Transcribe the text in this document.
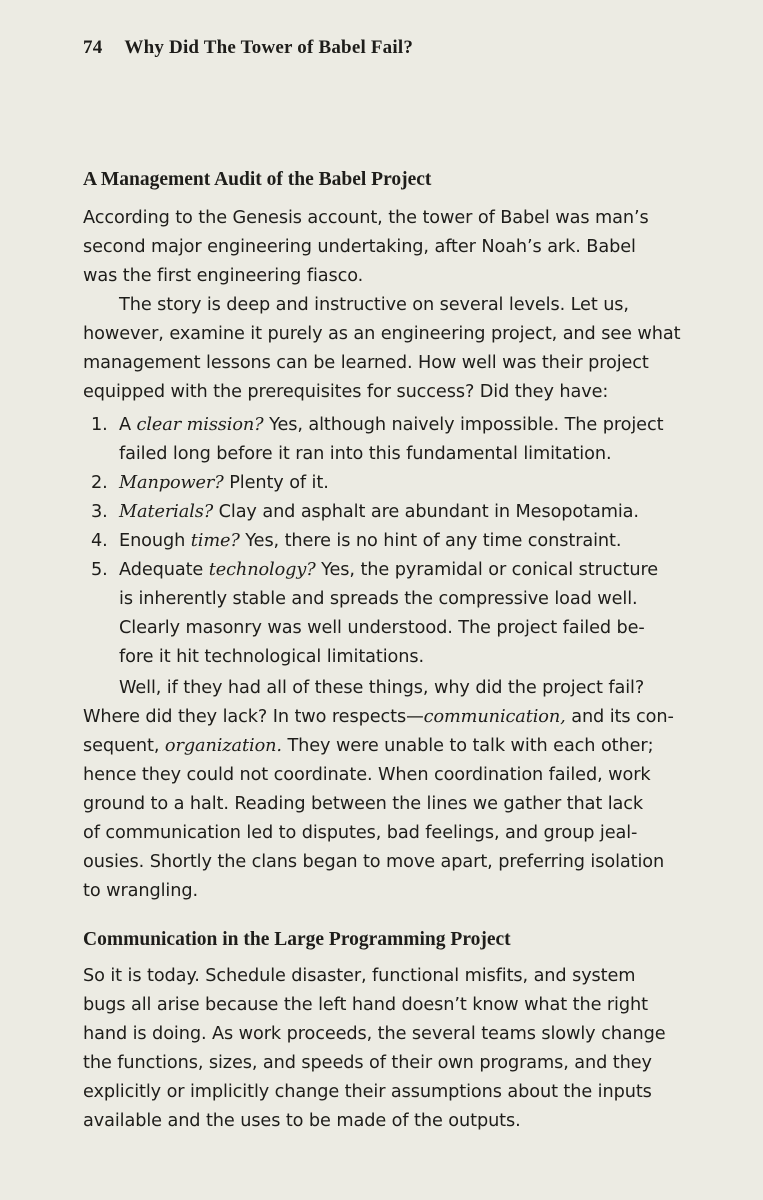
74 Why Did The Tower of Babel Fail?
A Management Audit of the Babel Project

According to the Genesis account, the tower of Babel was man’s
second major engineering undertaking, after Noah’s ark. Babel
was the first engineering fiasco.

The story is deep and instructive on several levels. Let us,
however, examine it purely as an engineering project, and see what
management lessons can be learned. How well was their project
equipped with the prerequisites for success? Did they have:

1. A clear mission? Yes, although naively impossible. The project
failed long before it ran into this fundamental limitation.
2. Manpower? Plenty of it.
3. Materials? Clay and asphalt are abundant in Mesopotamia.
4. Enough time? Yes, there is no hint of any time constraint.
5. Adequate technology? Yes, the pyramidal or conical structure
is inherently stable and spreads the compressive load well.
Clearly masonry was well understood. The project failed be-
fore it hit technological limitations.

Well, if they had all of these things, why did the project fail?
Where did they lack? In two respects—communication, and its con-
sequent, organization. They were unable to talk with each other;
hence they could not coordinate. When coordination failed, work
ground to a halt. Reading between the lines we gather that lack
of communication led to disputes, bad feelings, and group jeal-
ousies. Shortly the clans began to move apart, preferring isolation
to wrangling.

Communication in the Large Programming Project

So it is today. Schedule disaster, functional misfits, and system
bugs all arise because the left hand doesn’t know what the right
hand is doing. As work proceeds, the several teams slowly change
the functions, sizes, and speeds of their own programs, and they
explicitly or implicitly change their assumptions about the inputs
available and the uses to be made of the outputs.
